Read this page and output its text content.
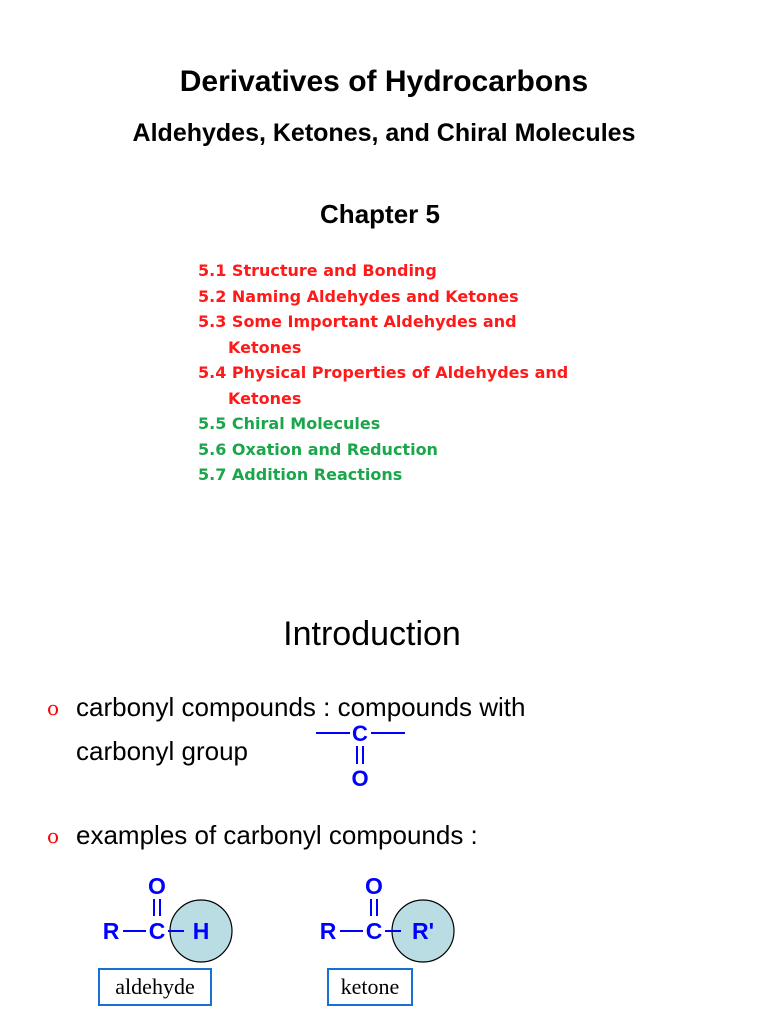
Derivatives of Hydrocarbons
Aldehydes, Ketones, and Chiral Molecules
Chapter 5
5.1 Structure and Bonding
5.2 Naming Aldehydes and Ketones
5.3 Some Important Aldehydes and
Ketones
5.4 Physical Properties of Aldehydes and
Ketones
5.5 Chiral Molecules
5.6 Oxation and Reduction
5.7 Addition Reactions
Introduction
o carbonyl compounds : compounds with
carbonyl group
C
O
o examples of carbonyl compounds :
O
R C H
aldehyde
O
R C R'
ketone
